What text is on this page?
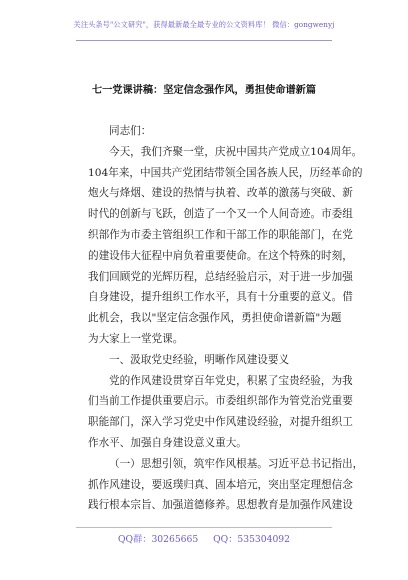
关注头条号"公文研究"，获得最新最全最专业的公文资料库！ 微信：gongwenyj
七一党课讲稿：坚定信念强作风，勇担使命谱新篇
同志们：
今天，我们齐聚一堂，庆祝中国共产党成立104周年。
104年来，中国共产党团结带领全国各族人民，历经革命的
炮火与烽烟、建设的热情与执着、改革的激荡与突破、新
时代的创新与飞跃，创造了一个又一个人间奇迹。市委组
织部作为市委主管组织工作和干部工作的职能部门，在党
的建设伟大征程中肩负着重要使命。在这个特殊的时刻，
我们回顾党的光辉历程，总结经验启示，对于进一步加强
自身建设，提升组织工作水平，具有十分重要的意义。借
此机会，我以"坚定信念强作风，勇担使命谱新篇"为题
为大家上一堂党课。
一、汲取党史经验，明晰作风建设要义
党的作风建设贯穿百年党史，积累了宝贵经验，为我
们当前工作提供重要启示。市委组织部作为管党治党重要
职能部门，深入学习党史中作风建设经验，对提升组织工
作水平、加强自身建设意义重大。
（一）思想引领，筑牢作风根基。习近平总书记指出，
抓作风建设，要返璞归真、固本培元，突出坚定理想信念
践行根本宗旨、加强道德修养。思想教育是加强作风建设
QQ群：30265665 QQ：535304092
